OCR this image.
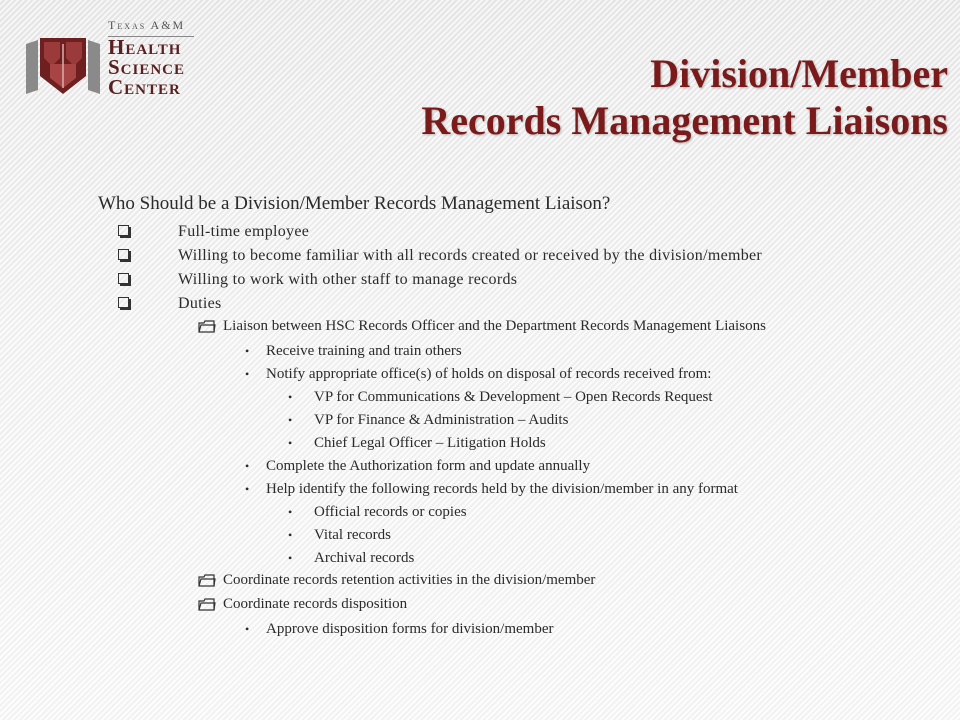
Texas A&M
Health
Science
Center	Division/Member
Records Management Liaisons
Who Should be a Division/Member Records Management Liaison?
Full-time employee
Willing to become familiar with all records created or received by the division/member
Willing to work with other staff to manage records
Duties
Liaison between HSC Records Officer and the Department Records Management Liaisons
• Receive training and train others
• Notify appropriate office(s) of holds on disposal of records received from:
• VP for Communications & Development – Open Records Request
• VP for Finance & Administration – Audits
• Chief Legal Officer – Litigation Holds
• Complete the Authorization form and update annually
• Help identify the following records held by the division/member in any format
• Official records or copies
• Vital records
• Archival records
Coordinate records retention activities in the division/member
Coordinate records disposition
• Approve disposition forms for division/member
